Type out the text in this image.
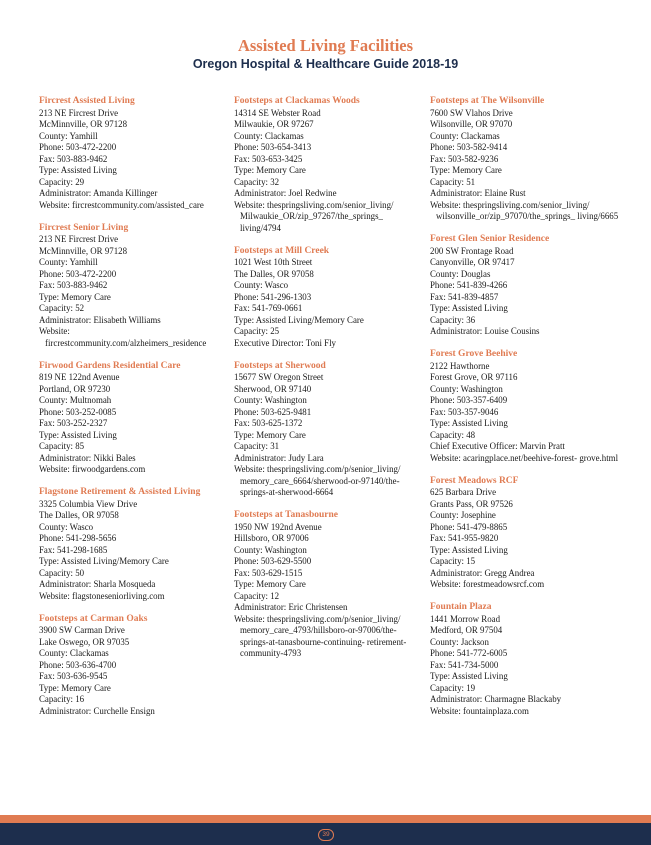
Assisted Living Facilities
Oregon Hospital & Healthcare Guide 2018-19
Fircrest Assisted Living
213 NE Fircrest Drive
McMinnville, OR 97128
County: Yamhill
Phone: 503-472-2200
Fax: 503-883-9462
Type: Assisted Living
Capacity: 29
Administrator: Amanda Killinger
Website: fircrestcommunity.com/assisted_care
Fircrest Senior Living
213 NE Fircrest Drive
McMinnville, OR 97128
County: Yamhill
Phone: 503-472-2200
Fax: 503-883-9462
Type: Memory Care
Capacity: 52
Administrator: Elisabeth Williams
Website: fircrestcommunity.com/alzheimers_residence
Firwood Gardens Residential Care
819 NE 122nd Avenue
Portland, OR 97230
County: Multnomah
Phone: 503-252-0085
Fax: 503-252-2327
Type: Assisted Living
Capacity: 85
Administrator: Nikki Bales
Website: firwoodgardens.com
Flagstone Retirement & Assisted Living
3325 Columbia View Drive
The Dalles, OR 97058
County: Wasco
Phone: 541-298-5656
Fax: 541-298-1685
Type: Assisted Living/Memory Care
Capacity: 50
Administrator: Sharla Mosqueda
Website: flagstoneseniorliving.com
Footsteps at Carman Oaks
3900 SW Carman Drive
Lake Oswego, OR 97035
County: Clackamas
Phone: 503-636-4700
Fax: 503-636-9545
Type: Memory Care
Capacity: 16
Administrator: Curchelle Ensign
Footsteps at Clackamas Woods
14314 SE Webster Road
Milwaukie, OR 97267
County: Clackamas
Phone: 503-654-3413
Fax: 503-653-3425
Type: Memory Care
Capacity: 32
Administrator: Joel Redwine
Website: thespringsliving.com/senior_living/ Milwaukie_OR/zip_97267/the_springs_ living/4794
Footsteps at Mill Creek
1021 West 10th Street
The Dalles, OR 97058
County: Wasco
Phone: 541-296-1303
Fax: 541-769-0661
Type: Assisted Living/Memory Care
Capacity: 25
Executive Director: Toni Fly
Footsteps at Sherwood
15677 SW Oregon Street
Sherwood, OR 97140
County: Washington
Phone: 503-625-9481
Fax: 503-625-1372
Type: Memory Care
Capacity: 31
Administrator: Judy Lara
Website: thespringsliving.com/p/senior_living/ memory_care_6664/sherwood-or-97140/the- springs-at-sherwood-6664
Footsteps at Tanasbourne
1950 NW 192nd Avenue
Hillsboro, OR 97006
County: Washington
Phone: 503-629-5500
Fax: 503-629-1515
Type: Memory Care
Capacity: 12
Administrator: Eric Christensen
Website: thespringsliving.com/p/senior_living/ memory_care_4793/hillsboro-or-97006/the- springs-at-tanasbourne-continuing- retirement-community-4793
Footsteps at The Wilsonville
7600 SW Vlahos Drive
Wilsonville, OR 97070
County: Clackamas
Phone: 503-582-9414
Fax: 503-582-9236
Type: Memory Care
Capacity: 51
Administrator: Elaine Rust
Website: thespringsliving.com/senior_living/ wilsonville_or/zip_97070/the_springs_ living/6665
Forest Glen Senior Residence
200 SW Frontage Road
Canyonville, OR 97417
County: Douglas
Phone: 541-839-4266
Fax: 541-839-4857
Type: Assisted Living
Capacity: 36
Administrator: Louise Cousins
Forest Grove Beehive
2122 Hawthorne
Forest Grove, OR 97116
County: Washington
Phone: 503-357-6409
Fax: 503-357-9046
Type: Assisted Living
Capacity: 48
Chief Executive Officer: Marvin Pratt
Website: acaringplace.net/beehive-forest- grove.html
Forest Meadows RCF
625 Barbara Drive
Grants Pass, OR 97526
County: Josephine
Phone: 541-479-8865
Fax: 541-955-9820
Type: Assisted Living
Capacity: 15
Administrator: Gregg Andrea
Website: forestmeadowsrcf.com
Fountain Plaza
1441 Morrow Road
Medford, OR 97504
County: Jackson
Phone: 541-772-6005
Fax: 541-734-5000
Type: Assisted Living
Capacity: 19
Administrator: Charmagne Blackaby
Website: fountainplaza.com
39
